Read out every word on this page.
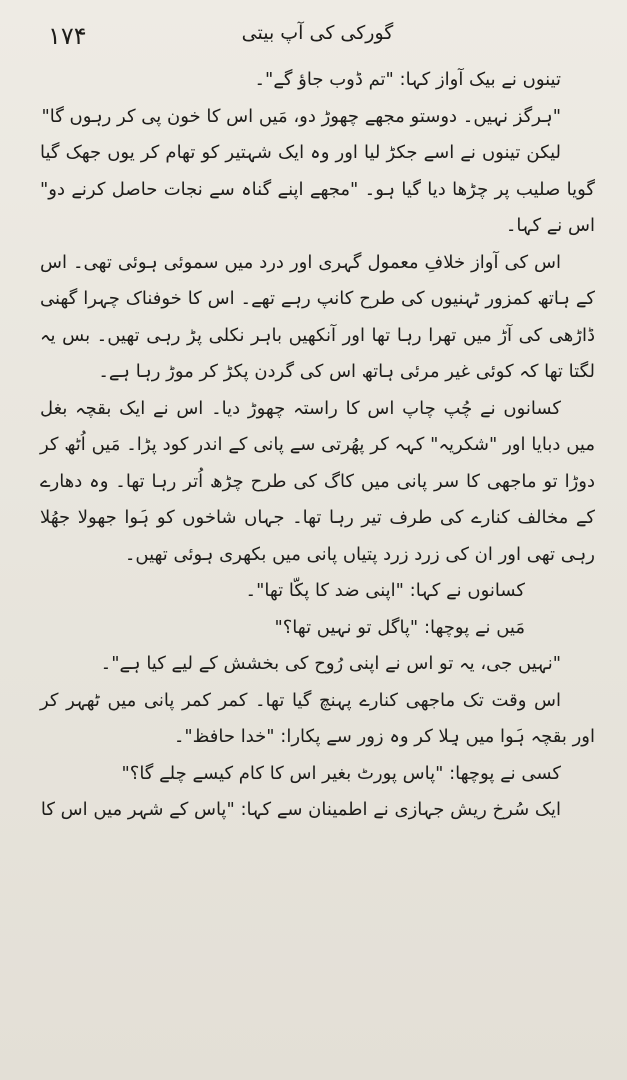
١٧۴	گورکی کی آپ بیتی

تینوں نے بیک آواز کہا: "تم ڈوب جاؤ گے"۔

"ہرگز نہیں۔ دوستو مجھے چھوڑ دو، مَیں اس کا خون پی کر رہوں گا"

لیکن تینوں نے اسے جکڑ لیا اور وہ ایک شہتیر کو تھام کر یوں جھک گیا گویا صلیب پر چڑھا دیا گیا ہو۔ "مجھے اپنے گناہ سے نجات حاصل کرنے دو" اس نے کہا۔

اس کی آواز خلافِ معمول گہری اور درد میں سموئی ہوئی تھی۔ اس کے ہاتھ کمزور ٹہنیوں کی طرح کانپ رہے تھے۔ اس کا خوفناک چہرا گھنی ڈاڑھی کی آڑ میں تھرا رہا تھا اور آنکھیں باہر نکلی پڑ رہی تھیں۔ بس یہ لگتا تھا کہ کوئی غیر مرئی ہاتھ اس کی گردن پکڑ کر موڑ رہا ہے۔

کسانوں نے چُپ چاپ اس کا راستہ چھوڑ دیا۔ اس نے ایک بقچہ بغل میں دبایا اور "شکریہ" کہہ کر پھُرتی سے پانی کے اندر کود پڑا۔ مَیں اُٹھ کر دوڑا تو ماجھی کا سر پانی میں کاگ کی طرح چڑھ اُتر رہا تھا۔ وہ دھارے کے مخالف کنارے کی طرف تیر رہا تھا۔ جہاں شاخوں کو ہَوا جھولا جھُلا رہی تھی اور ان کی زرد زرد پتیاں پانی میں بکھری ہوئی تھیں۔

کسانوں نے کہا: "اپنی ضد کا پکّا تھا"۔

مَیں نے پوچھا: "پاگل تو نہیں تھا؟"

"نہیں جی، یہ تو اس نے اپنی رُوح کی بخشش کے لیے کیا ہے"۔

اس وقت تک ماجھی کنارے پہنچ گیا تھا۔ کمر کمر پانی میں ٹھہر کر اور بقچہ ہَوا میں ہِلا کر وہ زور سے پکارا: "خدا حافظ"۔

کسی نے پوچھا: "پاس پورٹ بغیر اس کا کام کیسے چلے گا؟"

ایک سُرخ ریش جہازی نے اطمینان سے کہا: "پاس کے شہر میں اس کا
